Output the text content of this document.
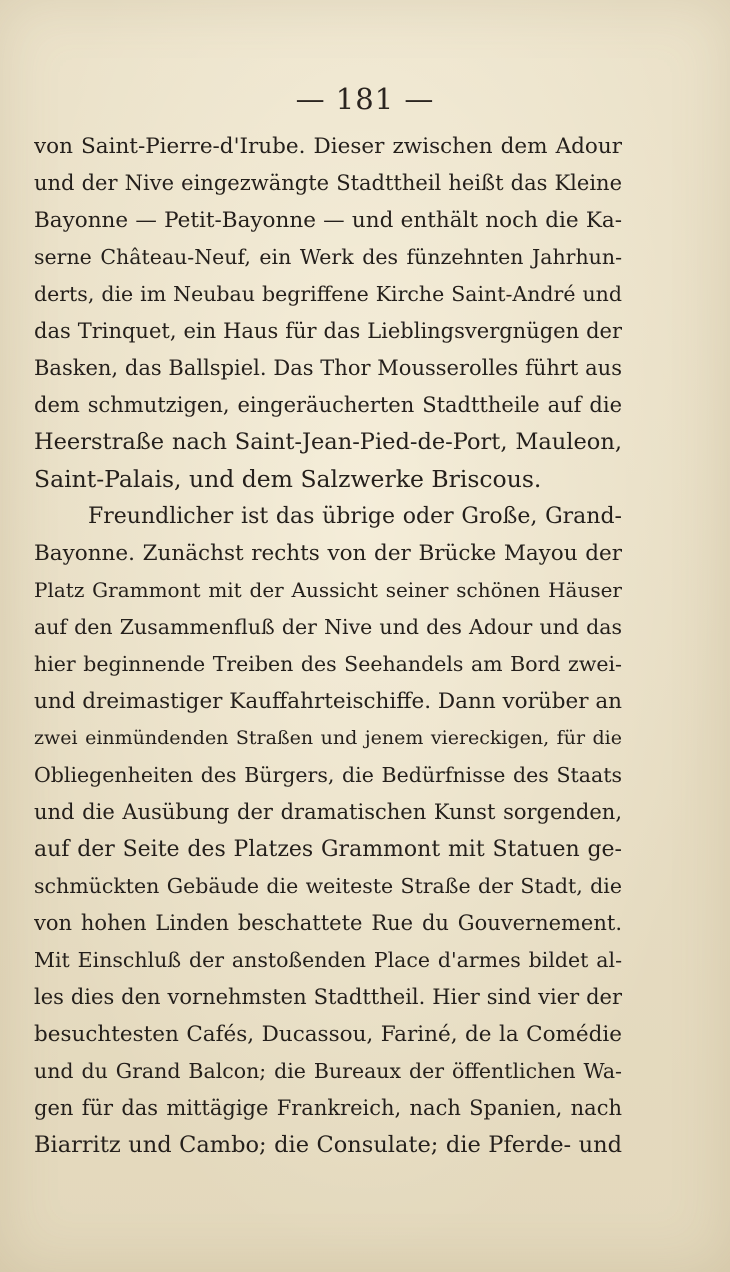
— 181 —
von Saint-Pierre-d'Irube. Dieser zwischen dem Adour
und der Nive eingezwängte Stadttheil heißt das Kleine
Bayonne — Petit-Bayonne — und enthält noch die Ka-
serne Château-Neuf, ein Werk des fünzehnten Jahrhun-
derts, die im Neubau begriffene Kirche Saint-André und
das Trinquet, ein Haus für das Lieblingsvergnügen der
Basken, das Ballspiel. Das Thor Mousserolles führt aus
dem schmutzigen, eingeräucherten Stadttheile auf die
Heerstraße nach Saint-Jean-Pied-de-Port, Mauleon,
Saint-Palais, und dem Salzwerke Briscous.
Freundlicher ist das übrige oder Große, Grand-
Bayonne. Zunächst rechts von der Brücke Mayou der
Platz Grammont mit der Aussicht seiner schönen Häuser
auf den Zusammenfluß der Nive und des Adour und das
hier beginnende Treiben des Seehandels am Bord zwei-
und dreimastiger Kauffahrteischiffe. Dann vorüber an
zwei einmündenden Straßen und jenem viereckigen, für die
Obliegenheiten des Bürgers, die Bedürfnisse des Staats
und die Ausübung der dramatischen Kunst sorgenden,
auf der Seite des Platzes Grammont mit Statuen ge-
schmückten Gebäude die weiteste Straße der Stadt, die
von hohen Linden beschattete Rue du Gouvernement.
Mit Einschluß der anstoßenden Place d'armes bildet al-
les dies den vornehmsten Stadttheil. Hier sind vier der
besuchtesten Cafés, Ducassou, Fariné, de la Comédie
und du Grand Balcon; die Bureaux der öffentlichen Wa-
gen für das mittägige Frankreich, nach Spanien, nach
Biarritz und Cambo; die Consulate; die Pferde- und
